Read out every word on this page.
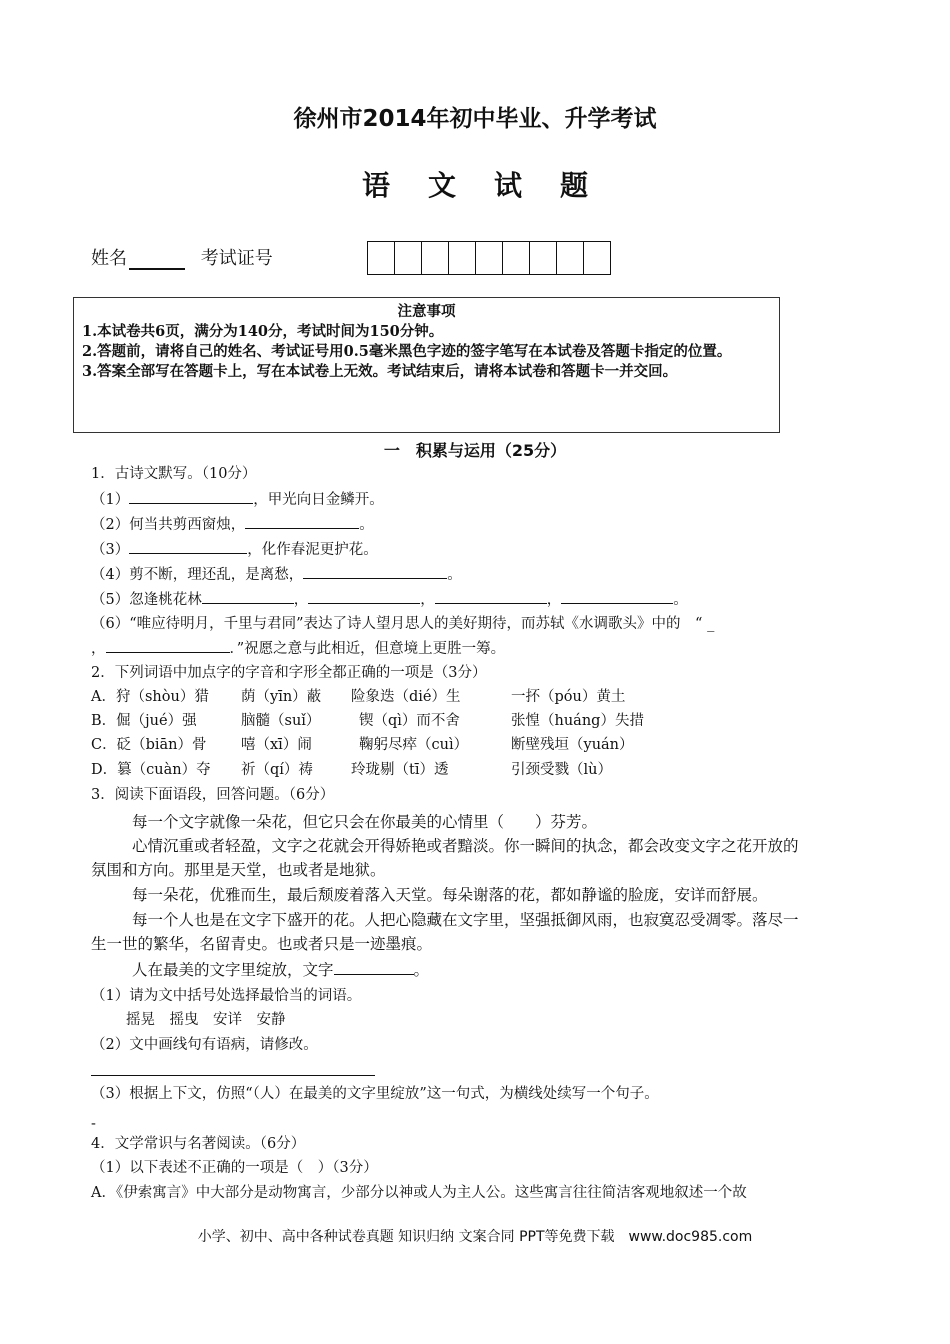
徐州市2014年初中毕业、升学考试
语文试题
姓名	考试证号
注意事项
1.本试卷共6页，满分为140分，考试时间为150分钟。
2.答题前，请将自己的姓名、考试证号用0.5毫米黑色字迹的签字笔写在本试卷及答题卡指定的位置。
3.答案全部写在答题卡上，写在本试卷上无效。考试结束后，请将本试卷和答题卡一并交回。
一　积累与运用（25分）
1．古诗文默写。（10分）
（1）	，甲光向日金鳞开。
（2）何当共剪西窗烛，	。
（3）	，化作春泥更护花。
（4）剪不断，理还乱，是离愁，	。
（5）忽逢桃花林	，	，	，	。
（6）“唯应待明月，千里与君同”表达了诗人望月思人的美好期待，而苏轼《水调歌头》中的　“ _
，	．”祝愿之意与此相近，但意境上更胜一筹。
2．下列词语中加点字的字音和字形全都正确的一项是（3分）
A．狩（shòu）猎 荫（yīn）蔽 险象迭（dié）生	一抔（póu）黄土
B．倔（jué）强	脑髓（suǐ）	锲（qì）而不舍	张惶（huáng）失措
C．砭（biān）骨 嘻（xī）闹	鞠躬尽瘁（cuì）	断壁残垣（yuán）
D．篡（cuàn）夺 祈（qí）祷	玲珑剔（tī）透	引颈受戮（lù）
3．阅读下面语段，回答问题。（6分）
每一个文字就像一朵花，但它只会在你最美的心情里（　　）芬芳。
心情沉重或者轻盈，文字之花就会开得娇艳或者黯淡。你一瞬间的执念，都会改变文字之花开放的
氛围和方向。那里是天堂，也或者是地狱。
每一朵花，优雅而生，最后颓废着落入天堂。每朵谢落的花，都如静谧的脸庞，安详而舒展。
每一个人也是在文字下盛开的花。人把心隐藏在文字里，坚强抵御风雨，也寂寞忍受凋零。落尽一
生一世的繁华，名留青史。也或者只是一迹墨痕。
人在最美的文字里绽放，文字	。
（1）请为文中括号处选择最恰当的词语。
摇晃　摇曳　安详　安静
（2）文中画线句有语病，请修改。
（3）根据上下文，仿照“（人）在最美的文字里绽放”这一句式，为横线处续写一个句子。
-
4．文学常识与名著阅读。（6分）
（1）以下表述不正确的一项是（　）（3分）
A．《伊索寓言》中大部分是动物寓言，少部分以神或人为主人公。这些寓言往往简洁客观地叙述一个故
小学、初中、高中各种试卷真题 知识归纳 文案合同 PPT等免费下载　www.doc985.com
